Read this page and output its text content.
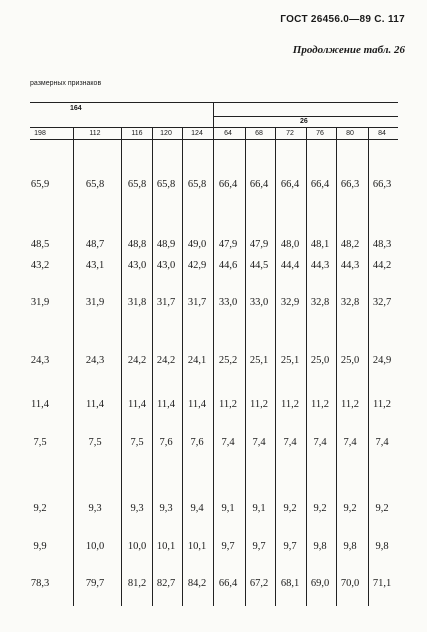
ГОСТ 26456.0—89 С. 117
Продолжение табл. 26
размерных признаков
164
26
198	112	116	120	124	64	68	72	76	80	84
65,9	65,8	65,8	65,8	65,8	66,4	66,4	66,4	66,4	66,3	66,3
48,5	48,7	48,8	48,9	49,0	47,9	47,9	48,0	48,1	48,2	48,3
43,2	43,1	43,0	43,0	42,9	44,6	44,5	44,4	44,3	44,3	44,2
31,9	31,9	31,8	31,7	31,7	33,0	33,0	32,9	32,8	32,8	32,7
24,3	24,3	24,2	24,2	24,1	25,2	25,1	25,1	25,0	25,0	24,9
11,4	11,4	11,4	11,4	11,4	11,2	11,2	11,2	11,2	11,2	11,2
7,5	7,5	7,5	7,6	7,6	7,4	7,4	7,4	7,4	7,4	7,4
9,2	9,3	9,3	9,3	9,4	9,1	9,1	9,2	9,2	9,2	9,2
9,9	10,0	10,0	10,1	10,1	9,7	9,7	9,7	9,8	9,8	9,8
78,3	79,7	81,2	82,7	84,2	66,4	67,2	68,1	69,0	70,0	71,1
